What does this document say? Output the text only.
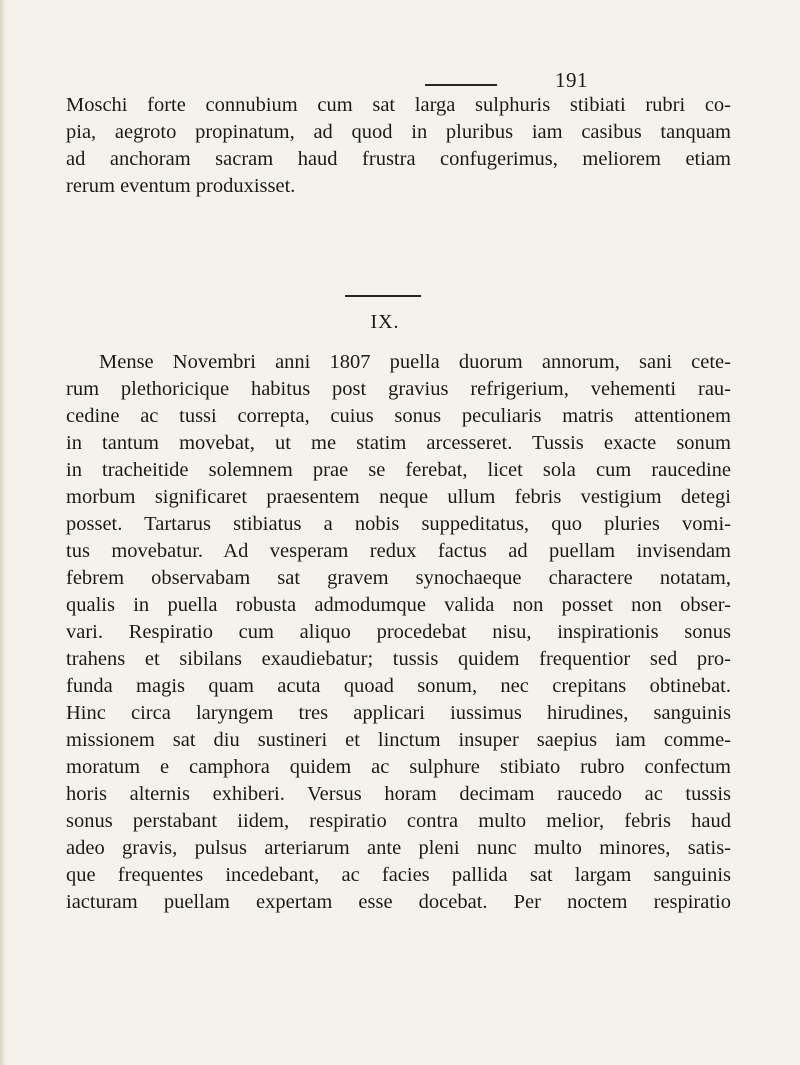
191
Moschi forte connubium cum sat larga sulphuris stibiati rubri co-
pia, aegroto propinatum, ad quod in pluribus iam casibus tanquam
ad anchoram sacram haud frustra confugerimus, meliorem etiam
rerum eventum produxisset.
IX.
Mense Novembri anni 1807 puella duorum annorum, sani cete-
rum plethoricique habitus post gravius refrigerium, vehementi rau-
cedine ac tussi correpta, cuius sonus peculiaris matris attentionem
in tantum movebat, ut me statim arcesseret. Tussis exacte sonum
in tracheitide solemnem prae se ferebat, licet sola cum raucedine
morbum significaret praesentem neque ullum febris vestigium detegi
posset. Tartarus stibiatus a nobis suppeditatus, quo pluries vomi-
tus movebatur. Ad vesperam redux factus ad puellam invisendam
febrem observabam sat gravem synochaeque charactere notatam,
qualis in puella robusta admodumque valida non posset non obser-
vari. Respiratio cum aliquo procedebat nisu, inspirationis sonus
trahens et sibilans exaudiebatur; tussis quidem frequentior sed pro-
funda magis quam acuta quoad sonum, nec crepitans obtinebat.
Hinc circa laryngem tres applicari iussimus hirudines, sanguinis
missionem sat diu sustineri et linctum insuper saepius iam comme-
moratum e camphora quidem ac sulphure stibiato rubro confectum
horis alternis exhiberi. Versus horam decimam raucedo ac tussis
sonus perstabant iidem, respiratio contra multo melior, febris haud
adeo gravis, pulsus arteriarum ante pleni nunc multo minores, satis-
que frequentes incedebant, ac facies pallida sat largam sanguinis
iacturam puellam expertam esse docebat. Per noctem respiratio
